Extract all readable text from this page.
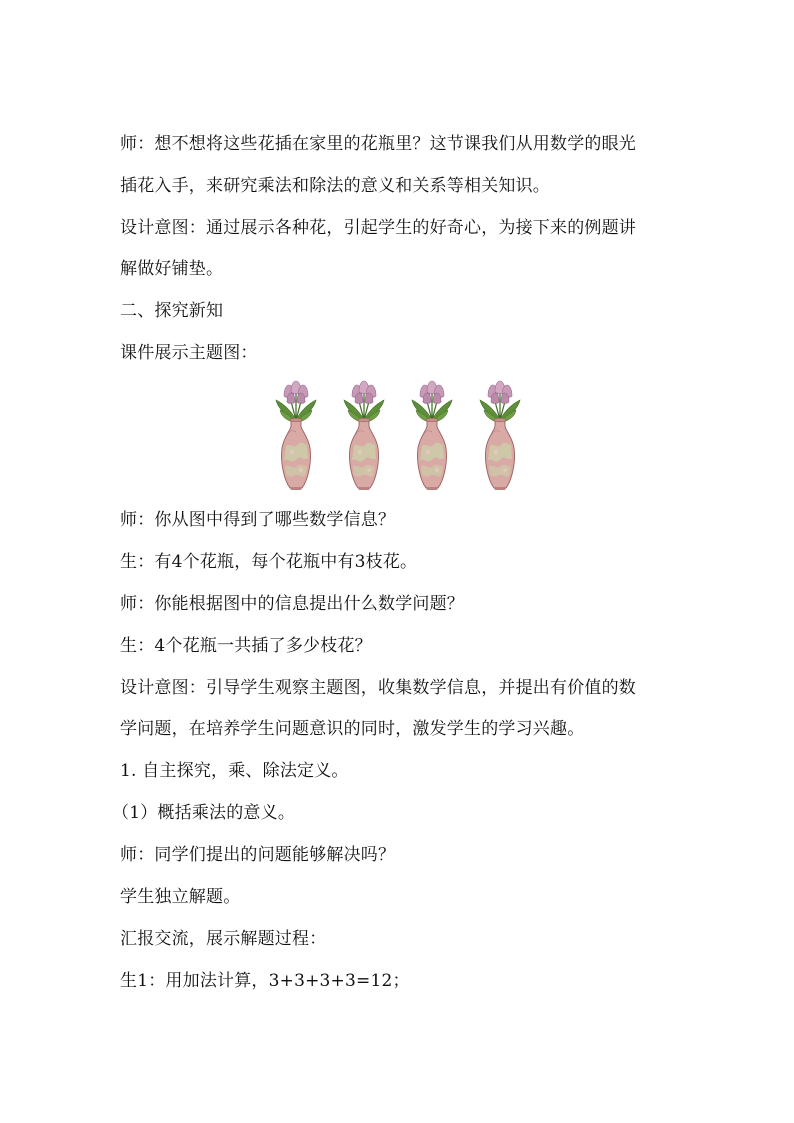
师：想不想将这些花插在家里的花瓶里？这节课我们从用数学的眼光
插花入手，来研究乘法和除法的意义和关系等相关知识。
设计意图：通过展示各种花，引起学生的好奇心，为接下来的例题讲
解做好铺垫。
二、探究新知
课件展示主题图：
师：你从图中得到了哪些数学信息？
生：有4个花瓶，每个花瓶中有3枝花。
师：你能根据图中的信息提出什么数学问题？
生：4个花瓶一共插了多少枝花？
设计意图：引导学生观察主题图，收集数学信息，并提出有价值的数
学问题，在培养学生问题意识的同时，激发学生的学习兴趣。
1. 自主探究，乘、除法定义。
（1）概括乘法的意义。
师：同学们提出的问题能够解决吗？
学生独立解题。
汇报交流，展示解题过程：
生1：用加法计算，3+3+3+3=12；
